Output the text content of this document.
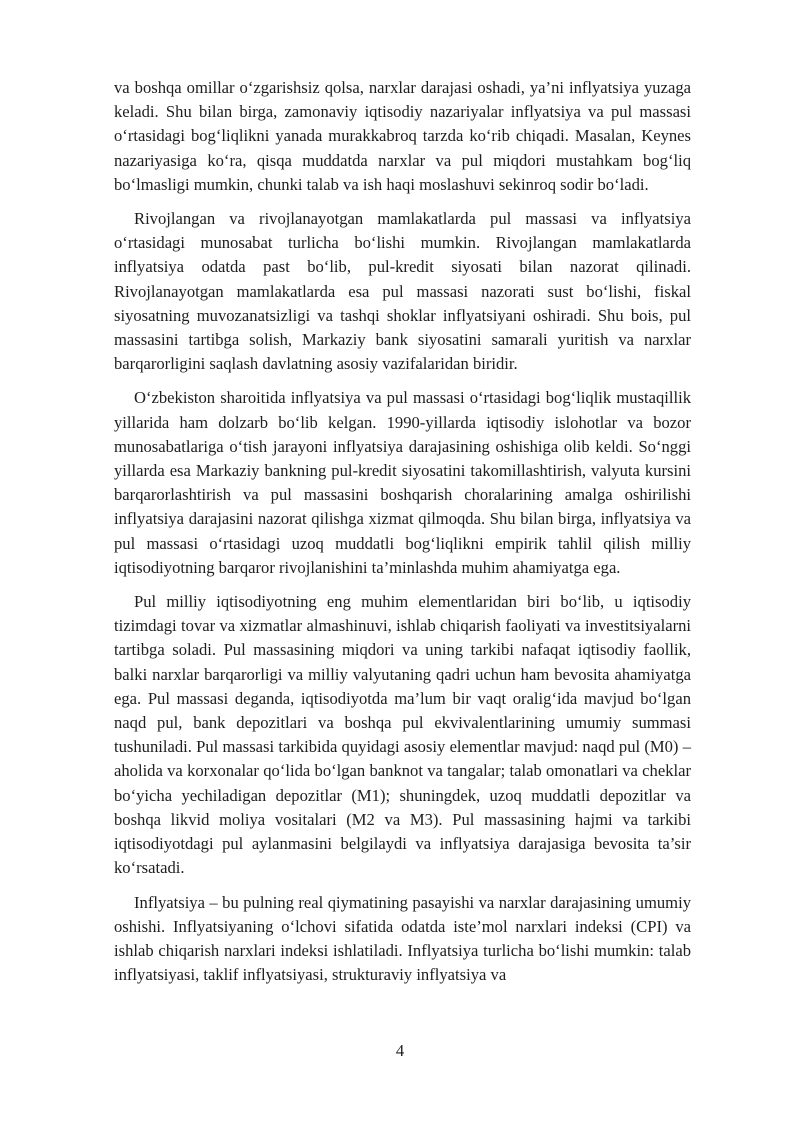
va boshqa omillar o‘zgarishsiz qolsa, narxlar darajasi oshadi, ya’ni inflyatsiya yuzaga keladi. Shu bilan birga, zamonaviy iqtisodiy nazariyalar inflyatsiya va pul massasi o‘rtasidagi bog‘liqlikni yanada murakkabroq tarzda ko‘rib chiqadi. Masalan, Keynes nazariyasiga ko‘ra, qisqa muddatda narxlar va pul miqdori mustahkam bog‘liq bo‘lmasligi mumkin, chunki talab va ish haqi moslashuvi sekinroq sodir bo‘ladi.

Rivojlangan va rivojlanayotgan mamlakatlarda pul massasi va inflyatsiya o‘rtasidagi munosabat turlicha bo‘lishi mumkin. Rivojlangan mamlakatlarda inflyatsiya odatda past bo‘lib, pul-kredit siyosati bilan nazorat qilinadi. Rivojlanayotgan mamlakatlarda esa pul massasi nazorati sust bo‘lishi, fiskal siyosatning muvozanatsizligi va tashqi shoklar inflyatsiyani oshiradi. Shu bois, pul massasini tartibga solish, Markaziy bank siyosatini samarali yuritish va narxlar barqarorligini saqlash davlatning asosiy vazifalaridan biridir.

O‘zbekiston sharoitida inflyatsiya va pul massasi o‘rtasidagi bog‘liqlik mustaqillik yillarida ham dolzarb bo‘lib kelgan. 1990-yillarda iqtisodiy islohotlar va bozor munosabatlariga o‘tish jarayoni inflyatsiya darajasining oshishiga olib keldi. So‘nggi yillarda esa Markaziy bankning pul-kredit siyosatini takomillashtirish, valyuta kursini barqarorlashtirish va pul massasini boshqarish choralarining amalga oshirilishi inflyatsiya darajasini nazorat qilishga xizmat qilmoqda. Shu bilan birga, inflyatsiya va pul massasi o‘rtasidagi uzoq muddatli bog‘liqlikni empirik tahlil qilish milliy iqtisodiyotning barqaror rivojlanishini ta’minlashda muhim ahamiyatga ega.

Pul milliy iqtisodiyotning eng muhim elementlaridan biri bo‘lib, u iqtisodiy tizimdagi tovar va xizmatlar almashinuvi, ishlab chiqarish faoliyati va investitsiyalarni tartibga soladi. Pul massasining miqdori va uning tarkibi nafaqat iqtisodiy faollik, balki narxlar barqarorligi va milliy valyutaning qadri uchun ham bevosita ahamiyatga ega. Pul massasi deganda, iqtisodiyotda ma’lum bir vaqt oralig‘ida mavjud bo‘lgan naqd pul, bank depozitlari va boshqa pul ekvivalentlarining umumiy summasi tushuniladi. Pul massasi tarkibida quyidagi asosiy elementlar mavjud: naqd pul (M0) – aholida va korxonalar qo‘lida bo‘lgan banknot va tangalar; talab omonatlari va cheklar bo‘yicha yechiladigan depozitlar (M1); shuningdek, uzoq muddatli depozitlar va boshqa likvid moliya vositalari (M2 va M3). Pul massasining hajmi va tarkibi iqtisodiyotdagi pul aylanmasini belgilaydi va inflyatsiya darajasiga bevosita ta’sir ko‘rsatadi.

Inflyatsiya – bu pulning real qiymatining pasayishi va narxlar darajasining umumiy oshishi. Inflyatsiyaning o‘lchovi sifatida odatda iste’mol narxlari indeksi (CPI) va ishlab chiqarish narxlari indeksi ishlatiladi. Inflyatsiya turlicha bo‘lishi mumkin: talab inflyatsiyasi, taklif inflyatsiyasi, strukturaviy inflyatsiya va

4
